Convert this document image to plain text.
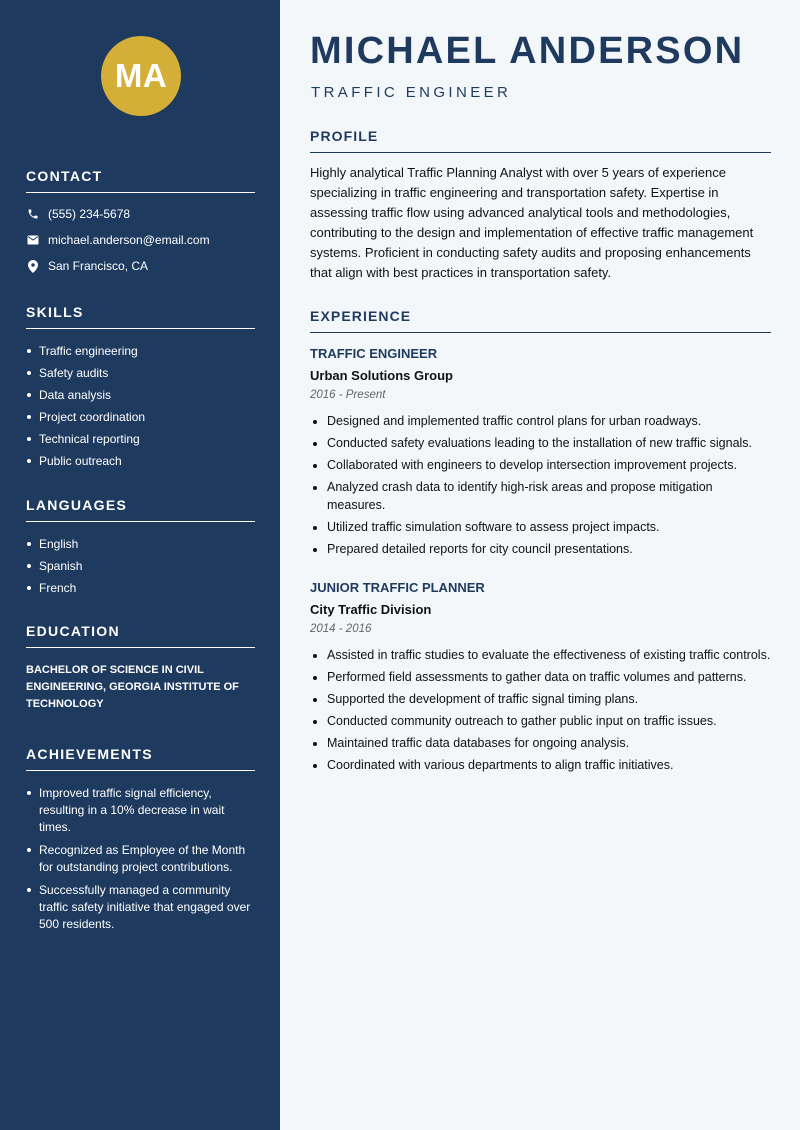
MA
CONTACT
(555) 234-5678
michael.anderson@email.com
San Francisco, CA
SKILLS
Traffic engineering
Safety audits
Data analysis
Project coordination
Technical reporting
Public outreach
LANGUAGES
English
Spanish
French
EDUCATION
BACHELOR OF SCIENCE IN CIVIL ENGINEERING, GEORGIA INSTITUTE OF TECHNOLOGY
ACHIEVEMENTS
Improved traffic signal efficiency, resulting in a 10% decrease in wait times.
Recognized as Employee of the Month for outstanding project contributions.
Successfully managed a community traffic safety initiative that engaged over 500 residents.
MICHAEL ANDERSON
TRAFFIC ENGINEER
PROFILE

Highly analytical Traffic Planning Analyst with over 5 years of experience specializing in traffic engineering and transportation safety. Expertise in assessing traffic flow using advanced analytical tools and methodologies, contributing to the design and implementation of effective traffic management systems. Proficient in conducting safety audits and proposing enhancements that align with best practices in transportation safety.

EXPERIENCE
TRAFFIC ENGINEER
Urban Solutions Group
2016 - Present
Designed and implemented traffic control plans for urban roadways.
Conducted safety evaluations leading to the installation of new traffic signals.
Collaborated with engineers to develop intersection improvement projects.
Analyzed crash data to identify high-risk areas and propose mitigation measures.
Utilized traffic simulation software to assess project impacts.
Prepared detailed reports for city council presentations.
JUNIOR TRAFFIC PLANNER
City Traffic Division
2014 - 2016
Assisted in traffic studies to evaluate the effectiveness of existing traffic controls.
Performed field assessments to gather data on traffic volumes and patterns.
Supported the development of traffic signal timing plans.
Conducted community outreach to gather public input on traffic issues.
Maintained traffic data databases for ongoing analysis.
Coordinated with various departments to align traffic initiatives.
